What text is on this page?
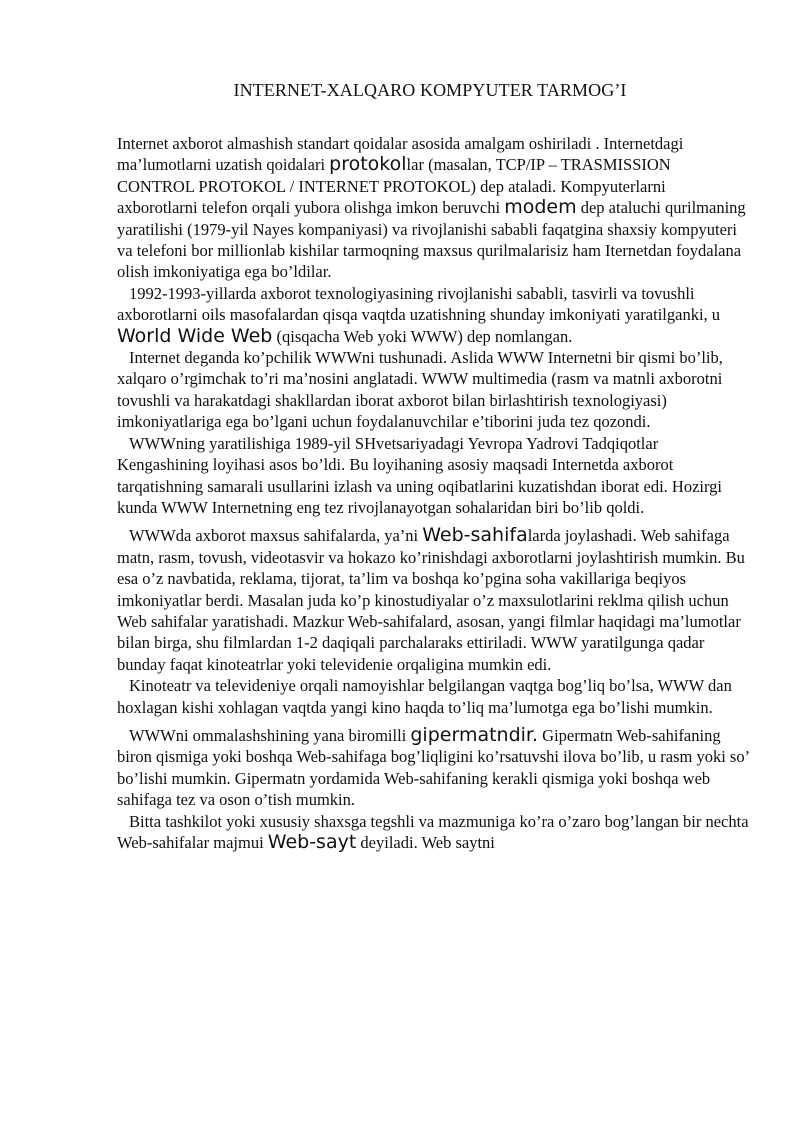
INTERNET-XALQARO KOMPYUTER TARMOG’I

Internet axborot almashish standart qoidalar asosida amalgam oshiriladi . Internetdagi ma’lumotlarni uzatish qoidalari protokollar (masalan, TCP/IP – TRASMISSION CONTROL PROTOKOL / INTERNET PROTOKOL) dep ataladi. Kompyuterlarni axborotlarni telefon orqali yubora olishga imkon beruvchi modem dep ataluchi qurilmaning yaratilishi (1979-yil Nayes kompaniyasi) va rivojlanishi sababli faqatgina shaxsiy kompyuteri va telefoni bor millionlab kishilar tarmoqning maxsus qurilmalarisiz ham Iternetdan foydalana olish imkoniyatiga ega bo’ldilar.

1992-1993-yillarda axborot texnologiyasining rivojlanishi sababli, tasvirli va tovushli axborotlarni oils masofalardan qisqa vaqtda uzatishning shunday imkoniyati yaratilganki, u World Wide Web (qisqacha Web yoki WWW) dep nomlangan.

Internet deganda ko’pchilik WWWni tushunadi. Aslida WWW Internetni bir qismi bo’lib, xalqaro o’rgimchak to’ri ma’nosini anglatadi. WWW multimedia (rasm va matnli axborotni tovushli va harakatdagi shakllardan iborat axborot bilan birlashtirish texnologiyasi) imkoniyatlariga ega bo’lgani uchun foydalanuvchilar e’tiborini juda tez qozondi.

WWWning yaratilishiga 1989-yil SHvetsariyadagi Yevropa Yadrovi Tadqiqotlar Kengashining loyihasi asos bo’ldi. Bu loyihaning asosiy maqsadi Internetda axborot tarqatishning samarali usullarini izlash va uning oqibatlarini kuzatishdan iborat edi. Hozirgi kunda WWW Internetning eng tez rivojlanayotgan sohalaridan biri bo’lib qoldi.

WWWda axborot maxsus sahifalarda, ya’ni Web-sahifalarda joylashadi. Web sahifaga matn, rasm, tovush, videotasvir va hokazo ko’rinishdagi axborotlarni joylashtirish mumkin. Bu esa o’z navbatida, reklama, tijorat, ta’lim va boshqa ko’pgina soha vakillariga beqiyos imkoniyatlar berdi. Masalan juda ko’p kinostudiyalar o’z maxsulotlarini reklma qilish uchun Web sahifalar yaratishadi. Mazkur Web-sahifalard, asosan, yangi filmlar haqidagi ma’lumotlar bilan birga, shu filmlardan 1-2 daqiqali parchalaraks ettiriladi. WWW yaratilgunga qadar bunday faqat kinoteatrlar yoki televidenie orqaligina mumkin edi.

Kinoteatr va televideniye orqali namoyishlar belgilangan vaqtga bog’liq bo’lsa, WWW dan hoxlagan kishi xohlagan vaqtda yangi kino haqda to’liq ma’lumotga ega bo’lishi mumkin.

WWWni ommalashshining yana biromilli gipermatndir. Gipermatn Web-sahifaning biron qismiga yoki boshqa Web-sahifaga bog’liqligini ko’rsatuvshi ilova bo’lib, u rasm yoki so’ bo’lishi mumkin. Gipermatn yordamida Web-sahifaning kerakli qismiga yoki boshqa web sahifaga tez va oson o’tish mumkin.

Bitta tashkilot yoki xususiy shaxsga tegshli va mazmuniga ko’ra o’zaro bog’langan bir nechta Web-sahifalar majmui Web-sayt deyiladi. Web saytni
